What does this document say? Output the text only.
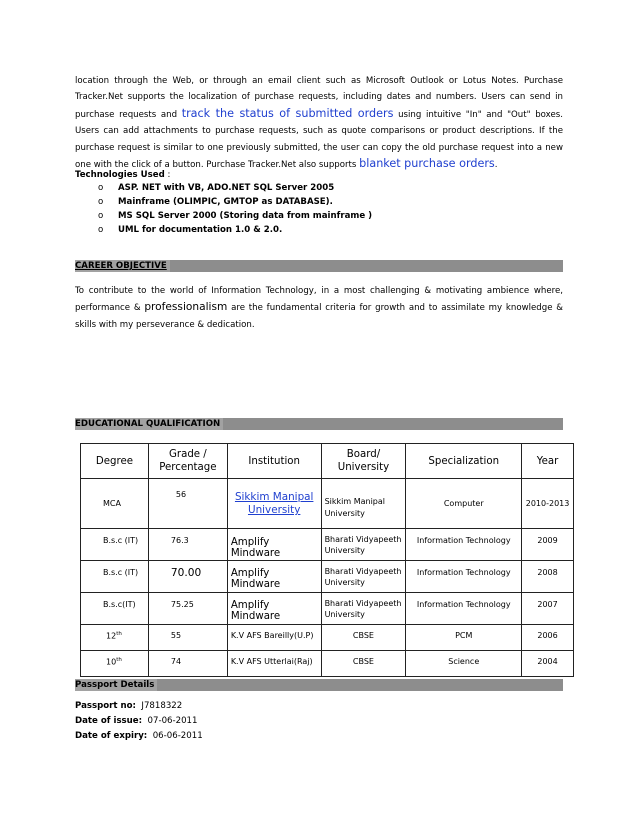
location through the Web, or through an email client such as Microsoft Outlook or Lotus Notes. Purchase Tracker.Net supports the localization of purchase requests, including dates and numbers. Users can send in purchase requests and track the status of submitted orders using intuitive "In" and "Out" boxes. Users can add attachments to purchase requests, such as quote comparisons or product descriptions. If the purchase request is similar to one previously submitted, the user can copy the old purchase request into a new one with the click of a button. Purchase Tracker.Net also supports blanket purchase orders.
Technologies Used :
o ASP. NET with VB, ADO.NET SQL Server 2005
o Mainframe (OLIMPIC, GMTOP as DATABASE).
o MS SQL Server 2000 (Storing data from mainframe )
o UML for documentation 1.0 & 2.0.
CAREER OBJECTIVE
To contribute to the world of Information Technology, in a most challenging & motivating ambience where, performance & professionalism are the fundamental criteria for growth and to assimilate my knowledge & skills with my perseverance & dedication.
EDUCATIONAL QUALIFICATION
Degree	Grade / Percentage	Institution	Board/ University	Specialization	Year

MCA	56	Sikkim Manipal University	Sikkim Manipal University	Computer	2010-2013

B.s.c (IT)	76.3	Amplify Mindware	Bharati Vidyapeeth University	Information Technology	2009

B.s.c (IT)	70.00	Amplify Mindware	Bharati Vidyapeeth University	Information Technology	2008

B.s.c(IT)	75.25	Amplify Mindware	Bharati Vidyapeeth University	Information Technology	2007

12th	55	K.V AFS Bareilly(U.P)	CBSE	PCM	2006

10th	74	K.V AFS Utterlai(Raj)	CBSE	Science	2004
Passport Details
Passport no: J7818322
Date of issue: 07-06-2011
Date of expiry: 06-06-2011
